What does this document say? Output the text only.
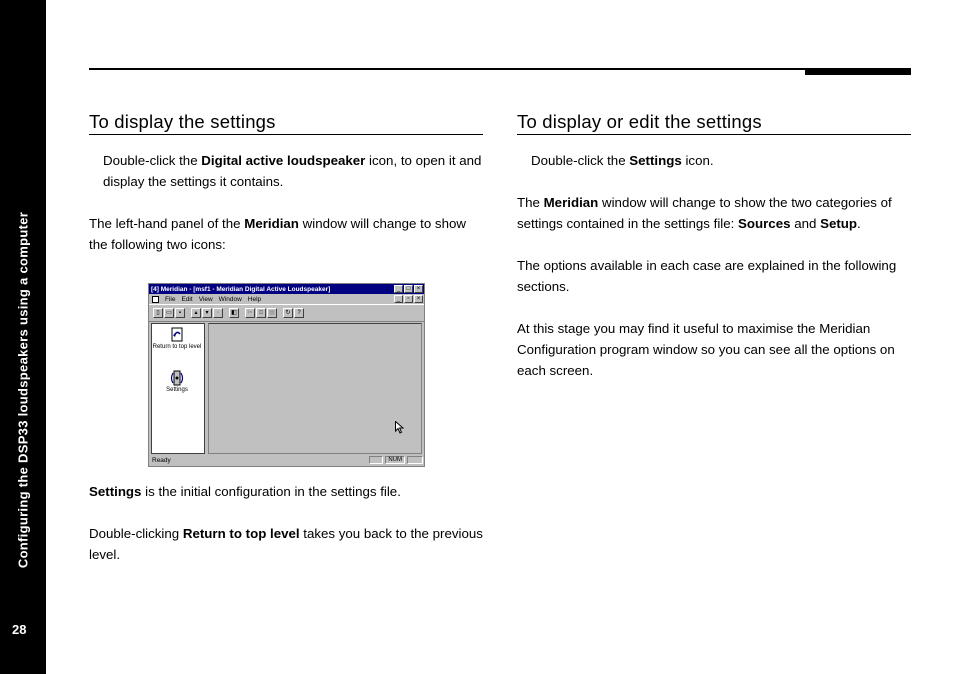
Configuring the DSP33 loudspeakers using a computer
28
To display the settings

Double-click the Digital active loudspeaker icon, to open it and display the settings it contains.

The left-hand panel of the Meridian window will change to show the following two icons:

Settings is the initial configuration in the settings file.

Double-clicking Return to top level takes you back to the previous level.

[4] Meridian - [msf1 - Meridian Digital Active Loudspeaker]	_	□	×
File Edit View Window Help	_	▫	×
▯	▭	▪	▴	▾	▫	◧	✂	⧉	▤	↻	?
Return to top level
Settings
Ready	NUM
To display or edit the settings

Double-click the Settings icon.

The Meridian window will change to show the two categories of settings contained in the settings file: Sources and Setup.

The options available in each case are explained in the following sections.

At this stage you may find it useful to maximise the Meridian Configuration program window so you can see all the options on each screen.
